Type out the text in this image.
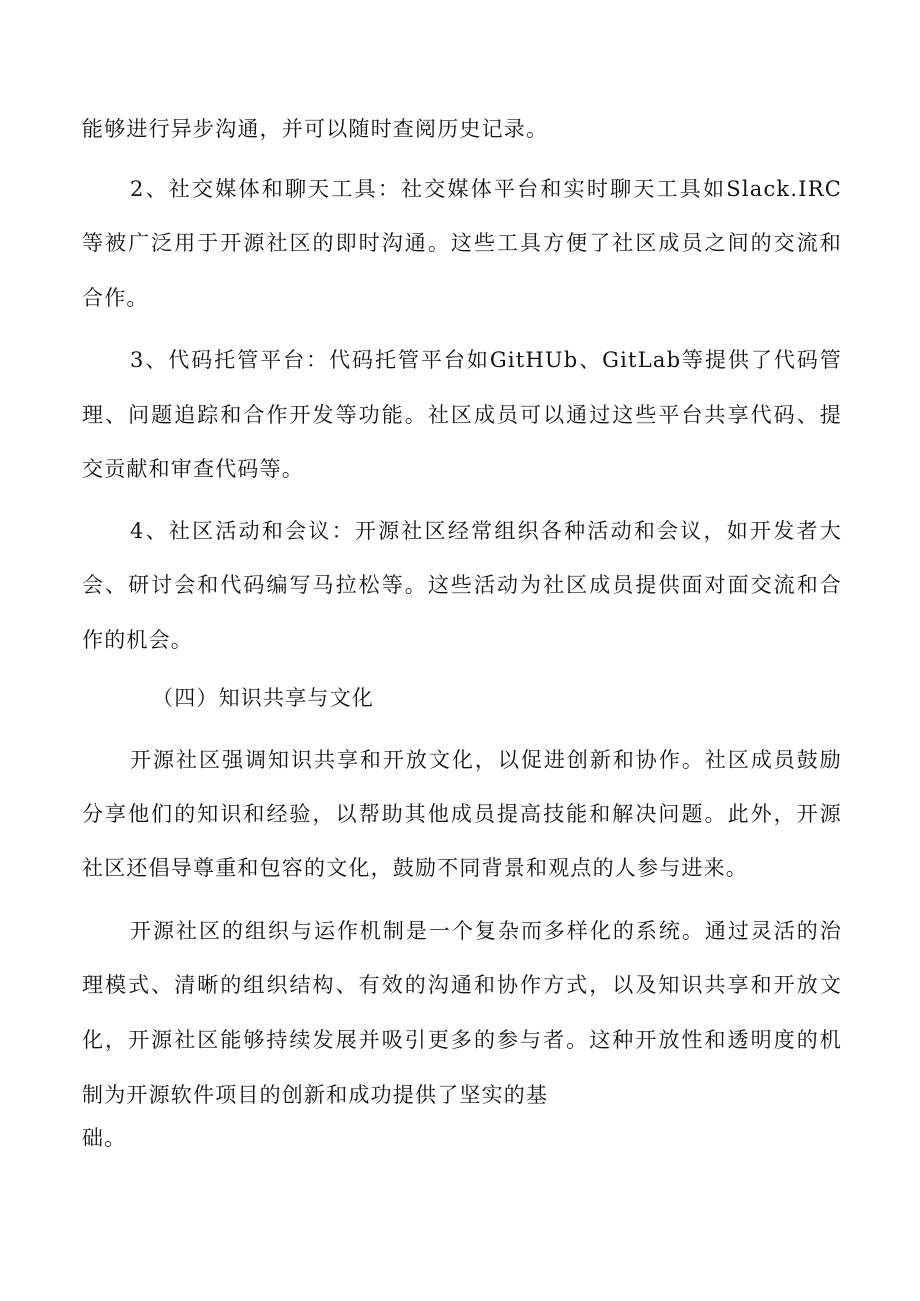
能够进行异步沟通，并可以随时查阅历史记录。
2、社交媒体和聊天工具：社交媒体平台和实时聊天工具如Slack.IRC
等被广泛用于开源社区的即时沟通。这些工具方便了社区成员之间的交流和
合作。
3、代码托管平台：代码托管平台如GitHUb、GitLab等提供了代码管
理、问题追踪和合作开发等功能。社区成员可以通过这些平台共享代码、提
交贡献和审查代码等。
4、社区活动和会议：开源社区经常组织各种活动和会议，如开发者大
会、研讨会和代码编写马拉松等。这些活动为社区成员提供面对面交流和合
作的机会。
（四）知识共享与文化
开源社区强调知识共享和开放文化，以促进创新和协作。社区成员鼓励
分享他们的知识和经验，以帮助其他成员提高技能和解决问题。此外，开源
社区还倡导尊重和包容的文化，鼓励不同背景和观点的人参与进来。
开源社区的组织与运作机制是一个复杂而多样化的系统。通过灵活的治
理模式、清晰的组织结构、有效的沟通和协作方式，以及知识共享和开放文
化，开源社区能够持续发展并吸引更多的参与者。这种开放性和透明度的机
制为开源软件项目的创新和成功提供了坚实的基
础。
